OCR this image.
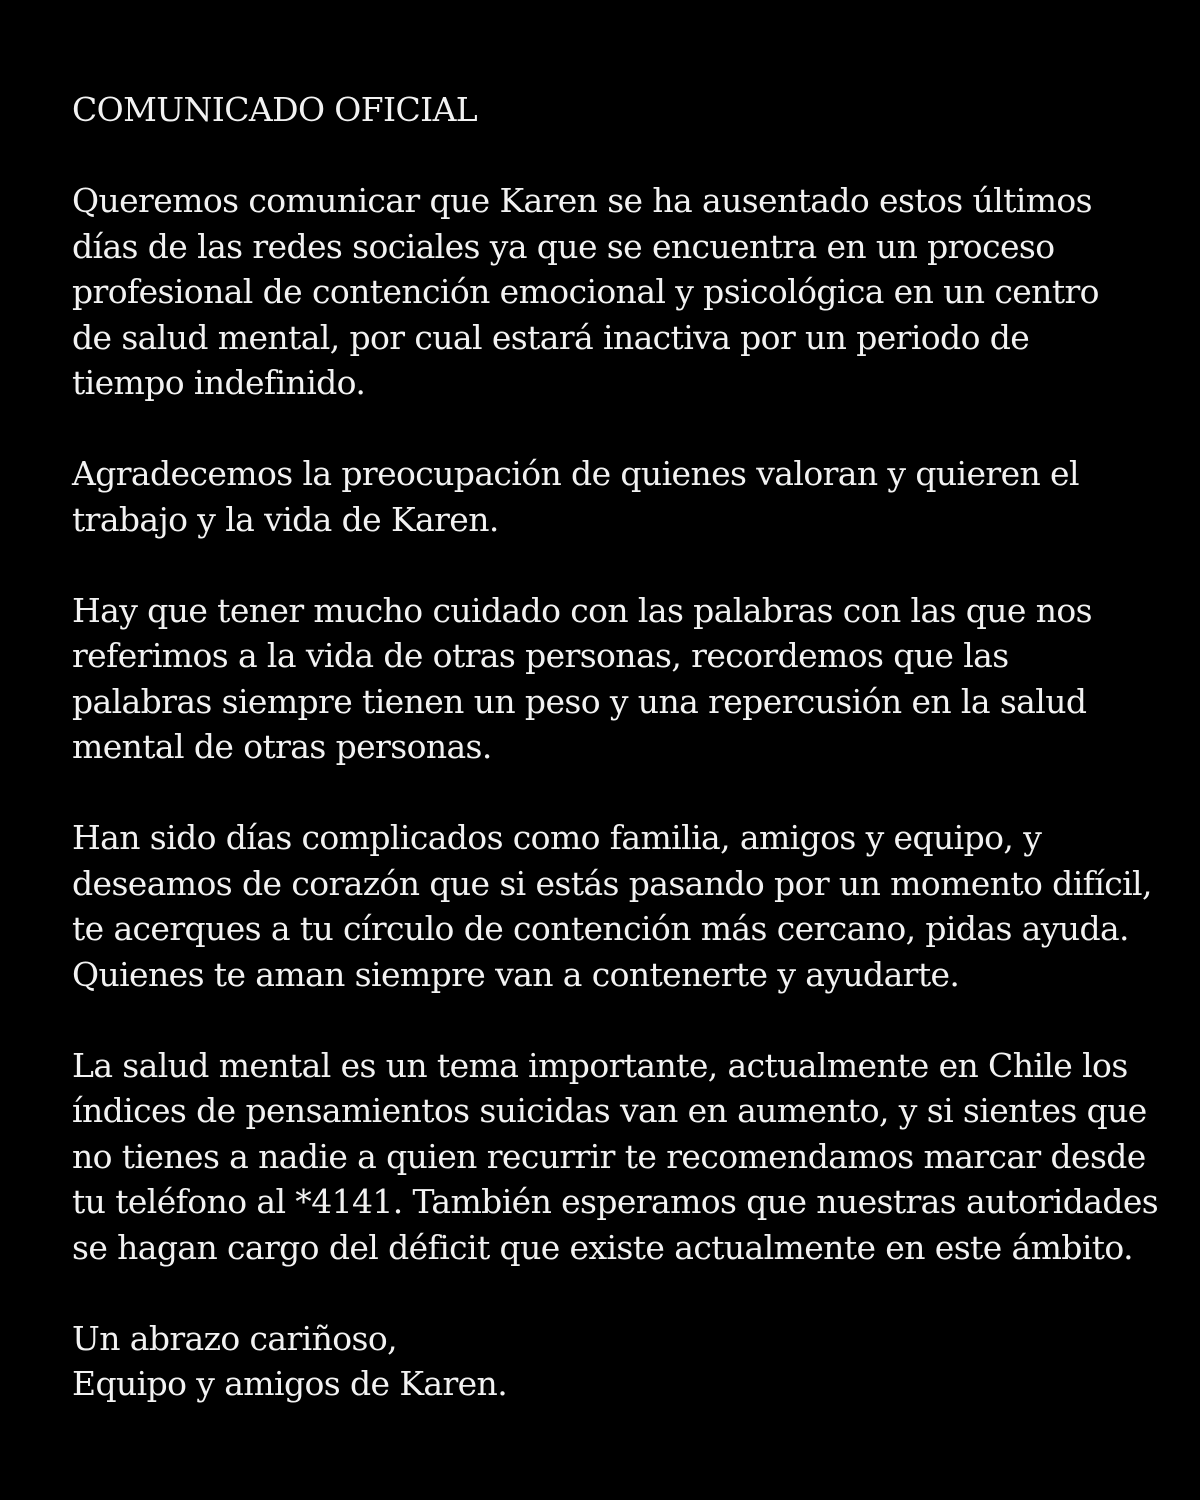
COMUNICADO OFICIAL

Queremos comunicar que Karen se ha ausentado estos últimos
días de las redes sociales ya que se encuentra en un proceso
profesional de contención emocional y psicológica en un centro
de salud mental, por cual estará inactiva por un periodo de
tiempo indefinido.

Agradecemos la preocupación de quienes valoran y quieren el
trabajo y la vida de Karen.

Hay que tener mucho cuidado con las palabras con las que nos
referimos a la vida de otras personas, recordemos que las
palabras siempre tienen un peso y una repercusión en la salud
mental de otras personas.

Han sido días complicados como familia, amigos y equipo, y
deseamos de corazón que si estás pasando por un momento difícil,
te acerques a tu círculo de contención más cercano, pidas ayuda.
Quienes te aman siempre van a contenerte y ayudarte.

La salud mental es un tema importante, actualmente en Chile los
índices de pensamientos suicidas van en aumento, y si sientes que
no tienes a nadie a quien recurrir te recomendamos marcar desde
tu teléfono al *4141. También esperamos que nuestras autoridades
se hagan cargo del déficit que existe actualmente en este ámbito.

Un abrazo cariñoso,
Equipo y amigos de Karen.
